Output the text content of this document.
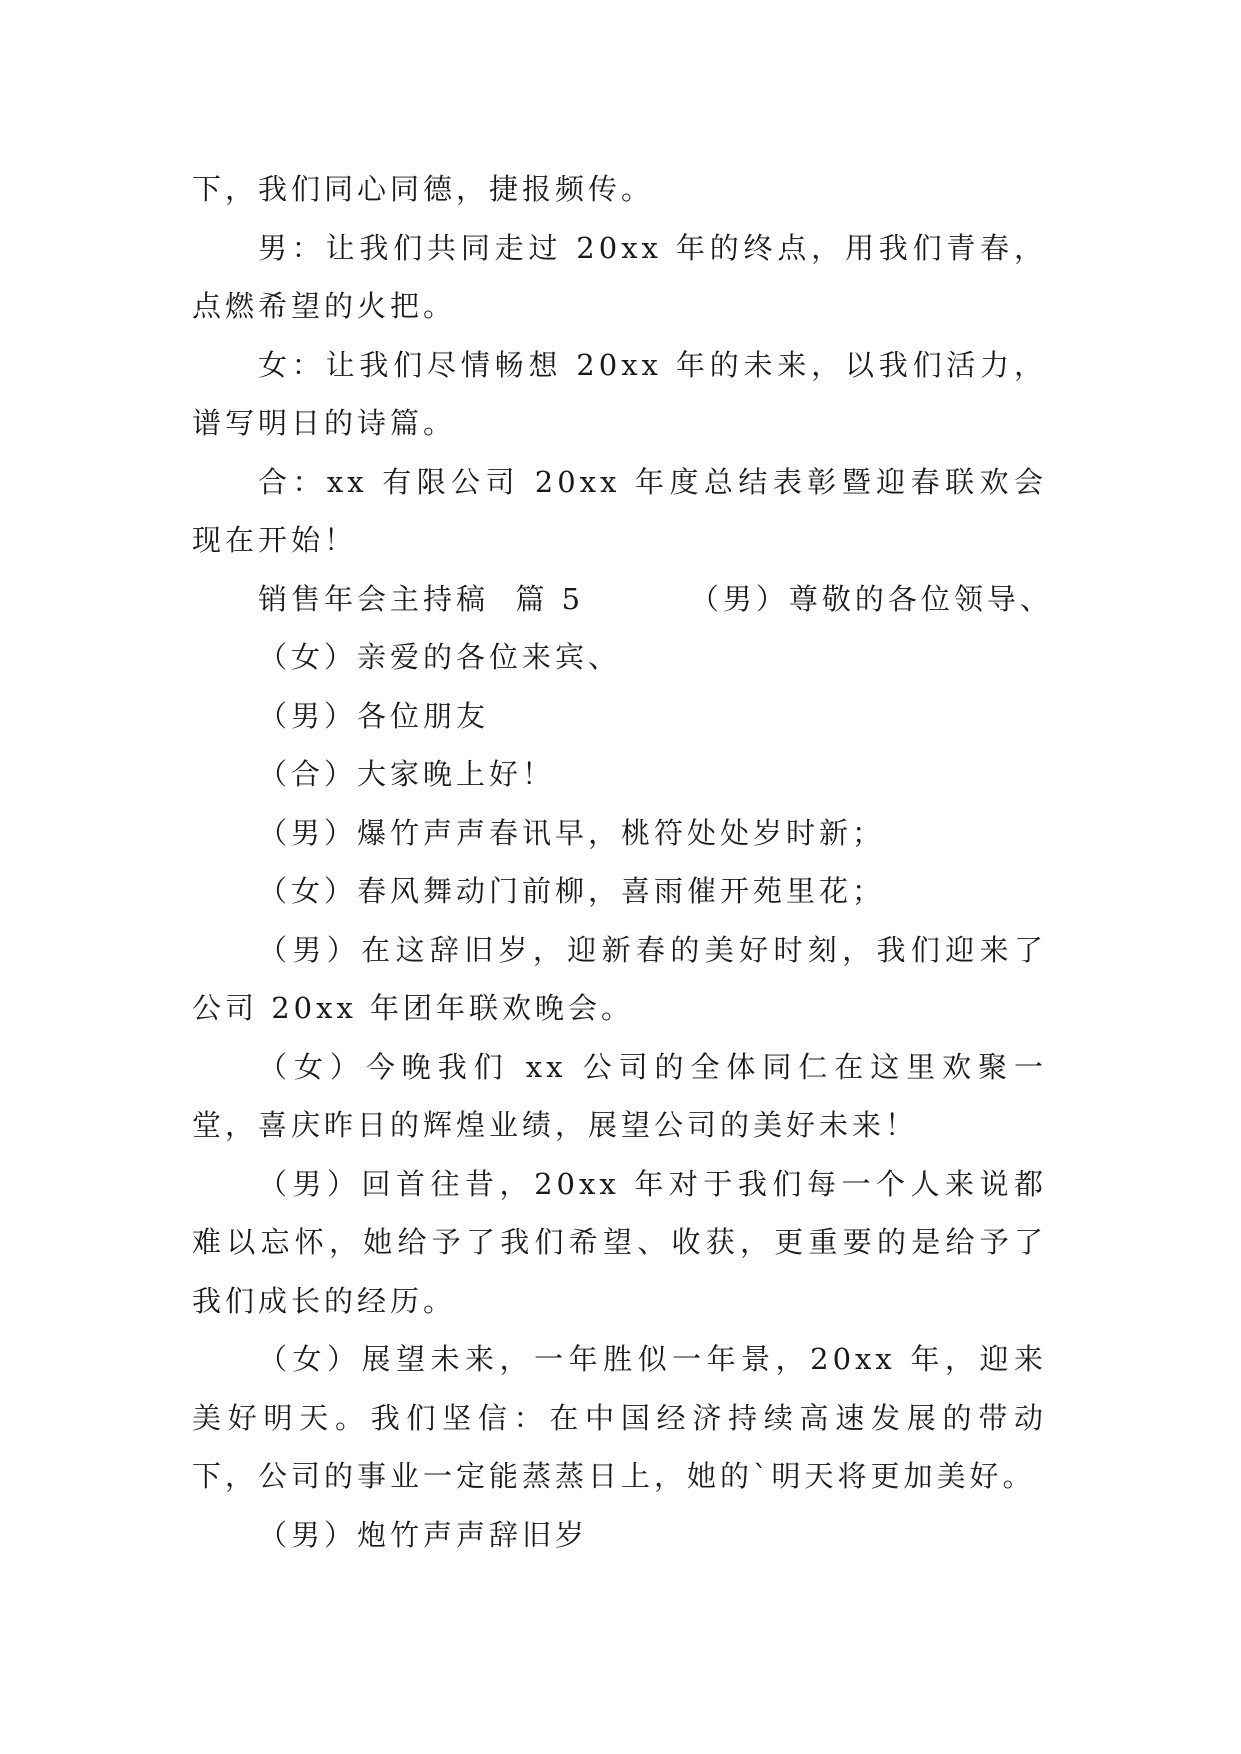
下，我们同心同德，捷报频传。

男：让我们共同走过 20xx 年的终点，用我们青春，点燃希望的火把。

女：让我们尽情畅想 20xx 年的未来，以我们活力，谱写明日的诗篇。

合：xx 有限公司 20xx 年度总结表彰暨迎春联欢会现在开始！

销售年会主持稿  篇 5        （男）尊敬的各位领导、

（女）亲爱的各位来宾、

（男）各位朋友

（合）大家晚上好！

（男）爆竹声声春讯早，桃符处处岁时新；

（女）春风舞动门前柳，喜雨催开苑里花；

（男）在这辞旧岁，迎新春的美好时刻，我们迎来了公司 20xx 年团年联欢晚会。

（女）今晚我们 xx 公司的全体同仁在这里欢聚一堂，喜庆昨日的辉煌业绩，展望公司的美好未来！

（男）回首往昔，20xx 年对于我们每一个人来说都难以忘怀，她给予了我们希望、收获，更重要的是给予了我们成长的经历。

（女）展望未来，一年胜似一年景，20xx 年，迎来美好明天。我们坚信：在中国经济持续高速发展的带动下，公司的事业一定能蒸蒸日上，她的`明天将更加美好。

（男）炮竹声声辞旧岁
